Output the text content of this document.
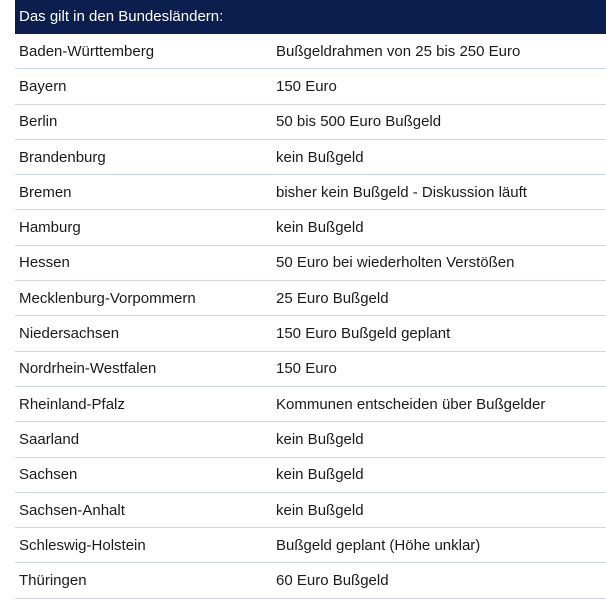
Das gilt in den Bundesländern:
Baden-Württemberg	Bußgeldrahmen von 25 bis 250 Euro
Bayern	150 Euro
Berlin	50 bis 500 Euro Bußgeld
Brandenburg	kein Bußgeld
Bremen	bisher kein Bußgeld - Diskussion läuft
Hamburg	kein Bußgeld
Hessen	50 Euro bei wiederholten Verstößen
Mecklenburg-Vorpommern	25 Euro Bußgeld
Niedersachsen	150 Euro Bußgeld geplant
Nordrhein-Westfalen	150 Euro
Rheinland-Pfalz	Kommunen entscheiden über Bußgelder
Saarland	kein Bußgeld
Sachsen	kein Bußgeld
Sachsen-Anhalt	kein Bußgeld
Schleswig-Holstein	Bußgeld geplant (Höhe unklar)
Thüringen	60 Euro Bußgeld
